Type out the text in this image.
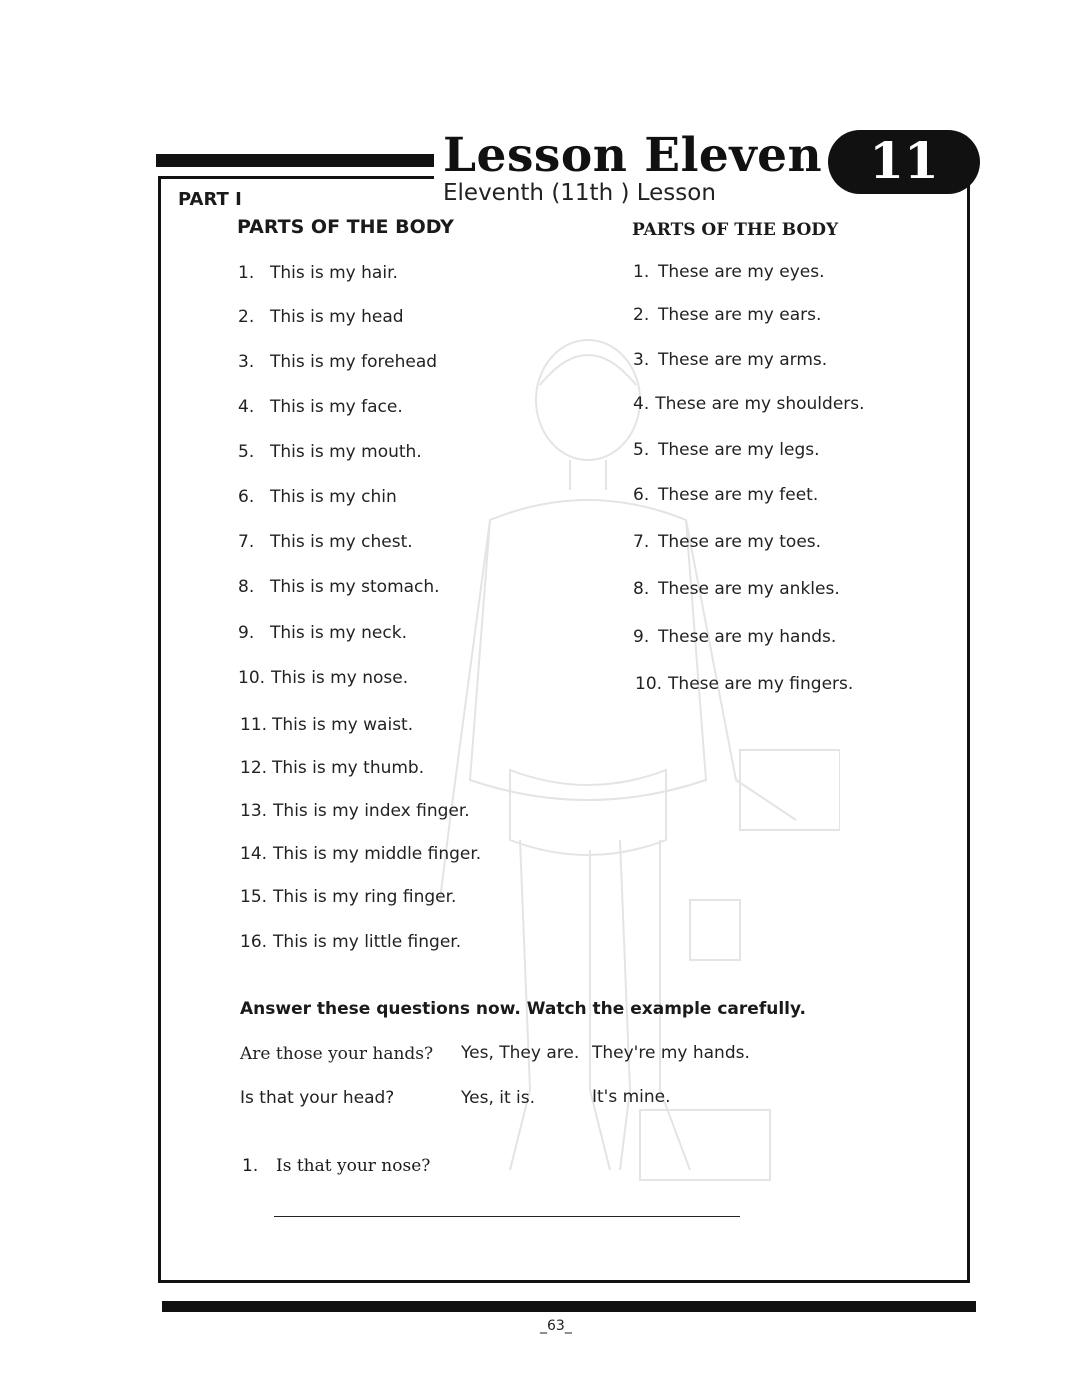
Lesson Eleven 11
Eleventh (11th ) Lesson
PART I
PARTS OF THE BODY	PARTS OF THE BODY
1. This is my hair.
2. This is my head
3. This is my forehead
4. This is my face.
5. This is my mouth.
6. This is my chin
7. This is my chest.
8. This is my stomach.
9. This is my neck.
10. This is my nose.
11. This is my waist.
12. This is my thumb.
13. This is my index finger.
14. This is my middle finger.
15. This is my ring finger.
16. This is my little finger.
1. These are my eyes.
2. These are my ears.
3. These are my arms.
4. These are my shoulders.
5. These are my legs.
6. These are my feet.
7. These are my toes.
8. These are my ankles.
9. These are my hands.
10. These are my fingers.
Answer these questions now. Watch the example carefully.
Are those your hands? Yes, They are. They're my hands.
Is that your head?	Yes, it is.	It's mine.
1. Is that your nose?
_63_
